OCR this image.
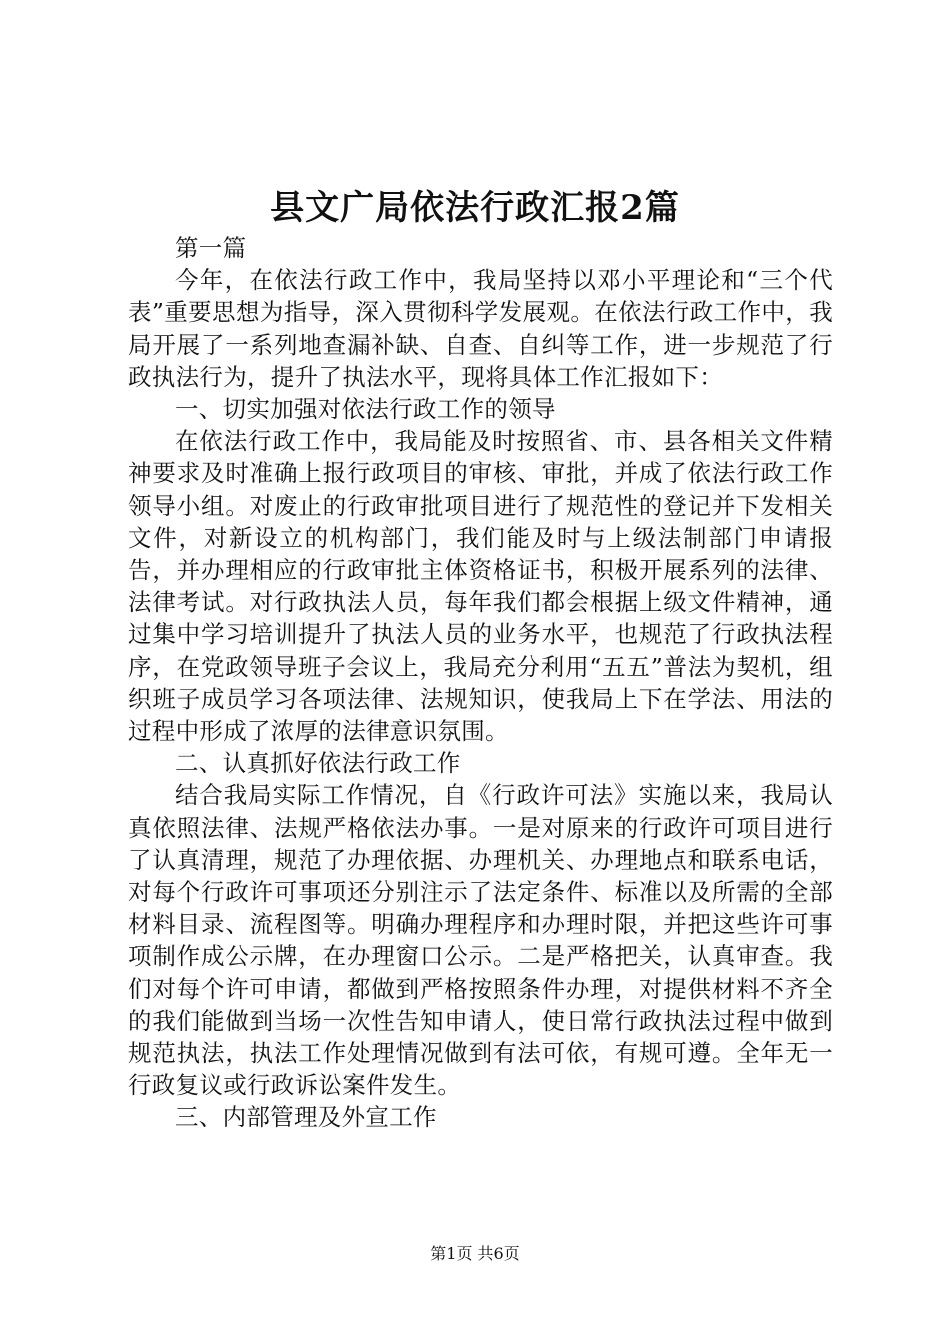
县文广局依法行政汇报2篇

第一篇

今年，在依法行政工作中，我局坚持以邓小平理论和“三个代表”重要思想为指导，深入贯彻科学发展观。在依法行政工作中，我局开展了一系列地查漏补缺、自查、自纠等工作，进一步规范了行政执法行为，提升了执法水平，现将具体工作汇报如下：

一、切实加强对依法行政工作的领导

在依法行政工作中，我局能及时按照省、市、县各相关文件精神要求及时准确上报行政项目的审核、审批，并成了依法行政工作领导小组。对废止的行政审批项目进行了规范性的登记并下发相关文件，对新设立的机构部门，我们能及时与上级法制部门申请报告，并办理相应的行政审批主体资格证书，积极开展系列的法律、法律考试。对行政执法人员，每年我们都会根据上级文件精神，通过集中学习培训提升了执法人员的业务水平，也规范了行政执法程序，在党政领导班子会议上，我局充分利用“五五”普法为契机，组织班子成员学习各项法律、法规知识，使我局上下在学法、用法的过程中形成了浓厚的法律意识氛围。

二、认真抓好依法行政工作

结合我局实际工作情况，自《行政许可法》实施以来，我局认真依照法律、法规严格依法办事。一是对原来的行政许可项目进行了认真清理，规范了办理依据、办理机关、办理地点和联系电话，对每个行政许可事项还分别注示了法定条件、标准以及所需的全部材料目录、流程图等。明确办理程序和办理时限，并把这些许可事项制作成公示牌，在办理窗口公示。二是严格把关，认真审查。我们对每个许可申请，都做到严格按照条件办理，对提供材料不齐全的我们能做到当场一次性告知申请人，使日常行政执法过程中做到规范执法，执法工作处理情况做到有法可依，有规可遵。全年无一行政复议或行政诉讼案件发生。

三、内部管理及外宣工作

第1页 共6页
